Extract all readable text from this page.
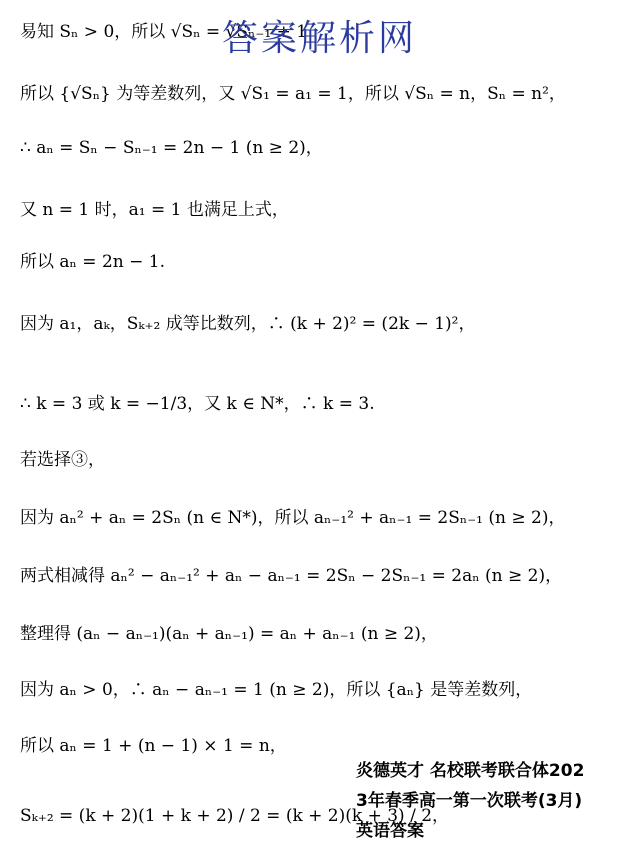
易知 Sₙ > 0，所以 √Sₙ = √Sₙ₋₁ + 1
所以 {√Sₙ} 为等差数列，又 √S₁ = a₁ = 1，所以 √Sₙ = n，Sₙ = n²，
∴ aₙ = Sₙ − Sₙ₋₁ = 2n − 1 (n ≥ 2)，
又 n = 1 时，a₁ = 1 也满足上式，
所以 aₙ = 2n − 1.
因为 a₁，aₖ，Sₖ₊₂ 成等比数列，∴ (k + 2)² = (2k − 1)²，
∴ k = 3 或 k = −1/3，又 k ∈ N*，∴ k = 3.
若选择③，
因为 aₙ² + aₙ = 2Sₙ (n ∈ N*)，所以 aₙ₋₁² + aₙ₋₁ = 2Sₙ₋₁ (n ≥ 2)，
两式相减得 aₙ² − aₙ₋₁² + aₙ − aₙ₋₁ = 2Sₙ − 2Sₙ₋₁ = 2aₙ (n ≥ 2)，
整理得 (aₙ − aₙ₋₁)(aₙ + aₙ₋₁) = aₙ + aₙ₋₁ (n ≥ 2)，
因为 aₙ > 0，∴ aₙ − aₙ₋₁ = 1 (n ≥ 2)，所以 {aₙ} 是等差数列，
所以 aₙ = 1 + (n − 1) × 1 = n，
Sₖ₊₂ = (k + 2)(1 + k + 2) / 2 = (k + 2)(k + 3) / 2，
答案解析网
炎德英才 名校联考联合体202
3年春季高一第一次联考(3月)
英语答案
